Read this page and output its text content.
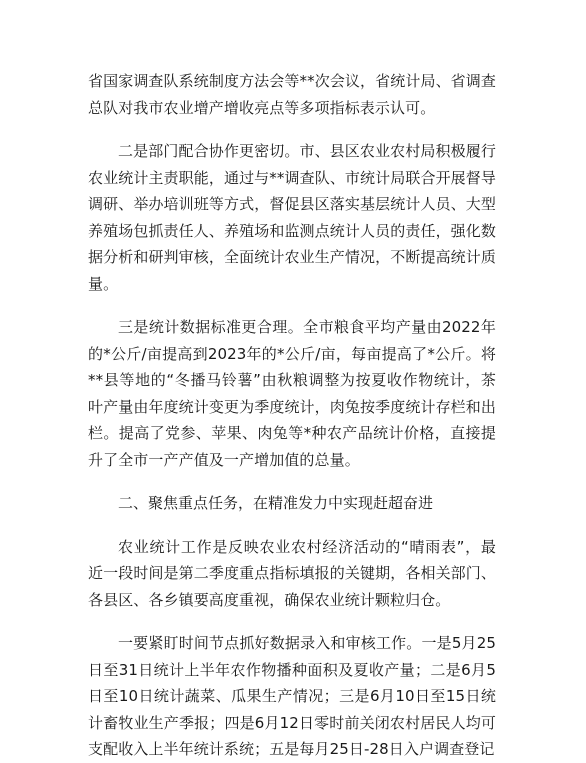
省国家调查队系统制度方法会等**次会议，省统计局、省调查总队对我市农业增产增收亮点等多项指标表示认可。

二是部门配合协作更密切。市、县区农业农村局积极履行农业统计主责职能，通过与**调查队、市统计局联合开展督导调研、举办培训班等方式，督促县区落实基层统计人员、大型养殖场包抓责任人、养殖场和监测点统计人员的责任，强化数据分析和研判审核，全面统计农业生产情况，不断提高统计质量。

三是统计数据标准更合理。全市粮食平均产量由2022年的*公斤/亩提高到2023年的*公斤/亩，每亩提高了*公斤。将**县等地的“冬播马铃薯”由秋粮调整为按夏收作物统计，茶叶产量由年度统计变更为季度统计，肉兔按季度统计存栏和出栏。提高了党参、苹果、肉兔等*种农产品统计价格，直接提升了全市一产产值及一产增加值的总量。

二、聚焦重点任务，在精准发力中实现赶超奋进

农业统计工作是反映农业农村经济活动的“晴雨表”，最近一段时间是第二季度重点指标填报的关键期，各相关部门、各县区、各乡镇要高度重视，确保农业统计颗粒归仓。

一要紧盯时间节点抓好数据录入和审核工作。一是5月25日至31日统计上半年农作物播种面积及夏收产量；二是6月5日至10日统计蔬菜、瓜果生产情况；三是6月10日至15日统计畜牧业生产季报；四是6月12日零时前关闭农村居民人均可支配收入上半年统计系统；五是每月25日-28日入户调查登记
